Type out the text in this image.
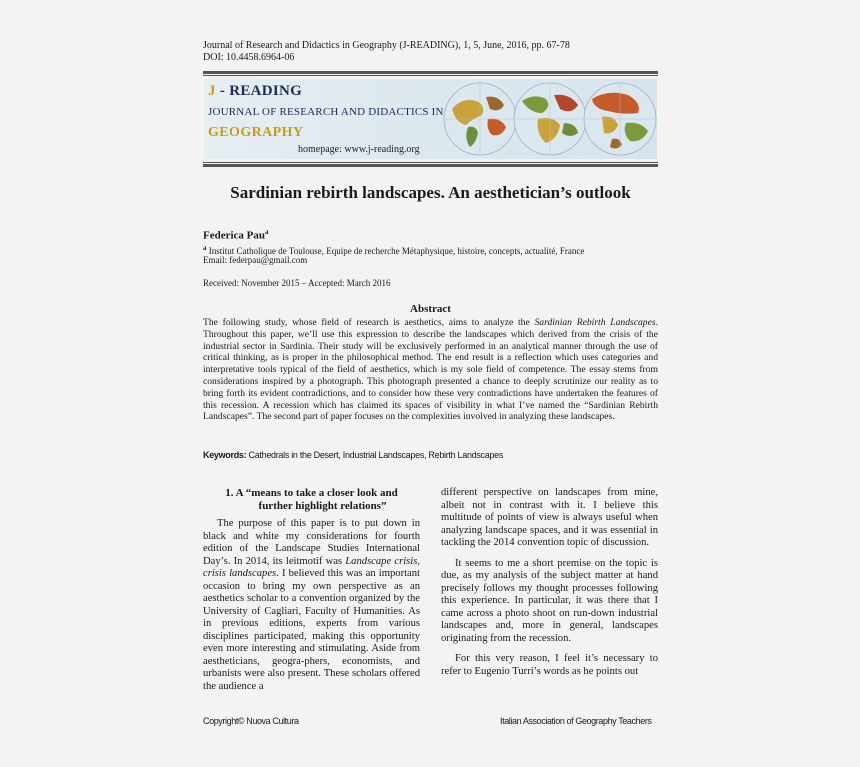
Journal of Research and Didactics in Geography (J-READING), 1, 5, June, 2016, pp. 67-78
DOI: 10.4458.6964-06
J - READING
JOURNAL OF RESEARCH AND DIDACTICS IN
GEOGRAPHY
homepage: www.j-reading.org
Sardinian rebirth landscapes. An aesthetician’s outlook
Federica Pau$^a$
$^a$ Institut Catholique de Toulouse, Equipe de recherche Métaphysique, histoire, concepts, actualité, France
Email: federpau@gmail.com
Received: November 2015 – Accepted: March 2016
Abstract
The following study, whose field of research is aesthetics, aims to analyze the Sardinian Rebirth Landscapes. Throughout this paper, we’ll use this expression to describe the landscapes which derived from the crisis of the industrial sector in Sardinia. Their study will be exclusively performed in an analytical manner through the use of critical thinking, as is proper in the philosophical method. The end result is a reflection which uses categories and interpretative tools typical of the field of aesthetics, which is my sole field of competence. The essay stems from considerations inspired by a photograph. This photograph presented a chance to deeply scrutinize our reality as to bring forth its evident contradictions, and to consider how these very contradictions have undertaken the features of this recession. A recession which has claimed its spaces of visibility in what I’ve named the “Sardinian Rebirth Landscapes”. The second part of paper focuses on the complexities involved in analyzing these landscapes.
Keywords: Cathedrals in the Desert, Industrial Landscapes, Rebirth Landscapes
1. A “means to take a closer look and
further highlight relations”

The purpose of this paper is to put down in black and white my considerations for fourth edition of the Landscape Studies International Day’s. In 2014, its leitmotif was Landscape crisis, crisis landscapes. I believed this was an important occasion to bring my own perspective as an aesthetics scholar to a convention organized by the University of Cagliari, Faculty of Humanities. As in previous editions, experts from various disciplines participated, making this opportunity even more interesting and stimulating. Aside from aestheticians, geogra-phers, economists, and urbanists were also present. These scholars offered the audience a

different perspective on landscapes from mine, albeit not in contrast with it. I believe this multitude of points of view is always useful when analyzing landscape spaces, and it was essential in tackling the 2014 convention topic of discussion.

It seems to me a short premise on the topic is due, as my analysis of the subject matter at hand precisely follows my thought processes following this experience. In particular, it was there that I came across a photo shoot on run-down industrial landscapes and, more in general, landscapes originating from the recession.

For this very reason, I feel it’s necessary to refer to Eugenio Turri’s words as he points out

Copyright© Nuova Cultura	Italian Association of Geography Teachers
